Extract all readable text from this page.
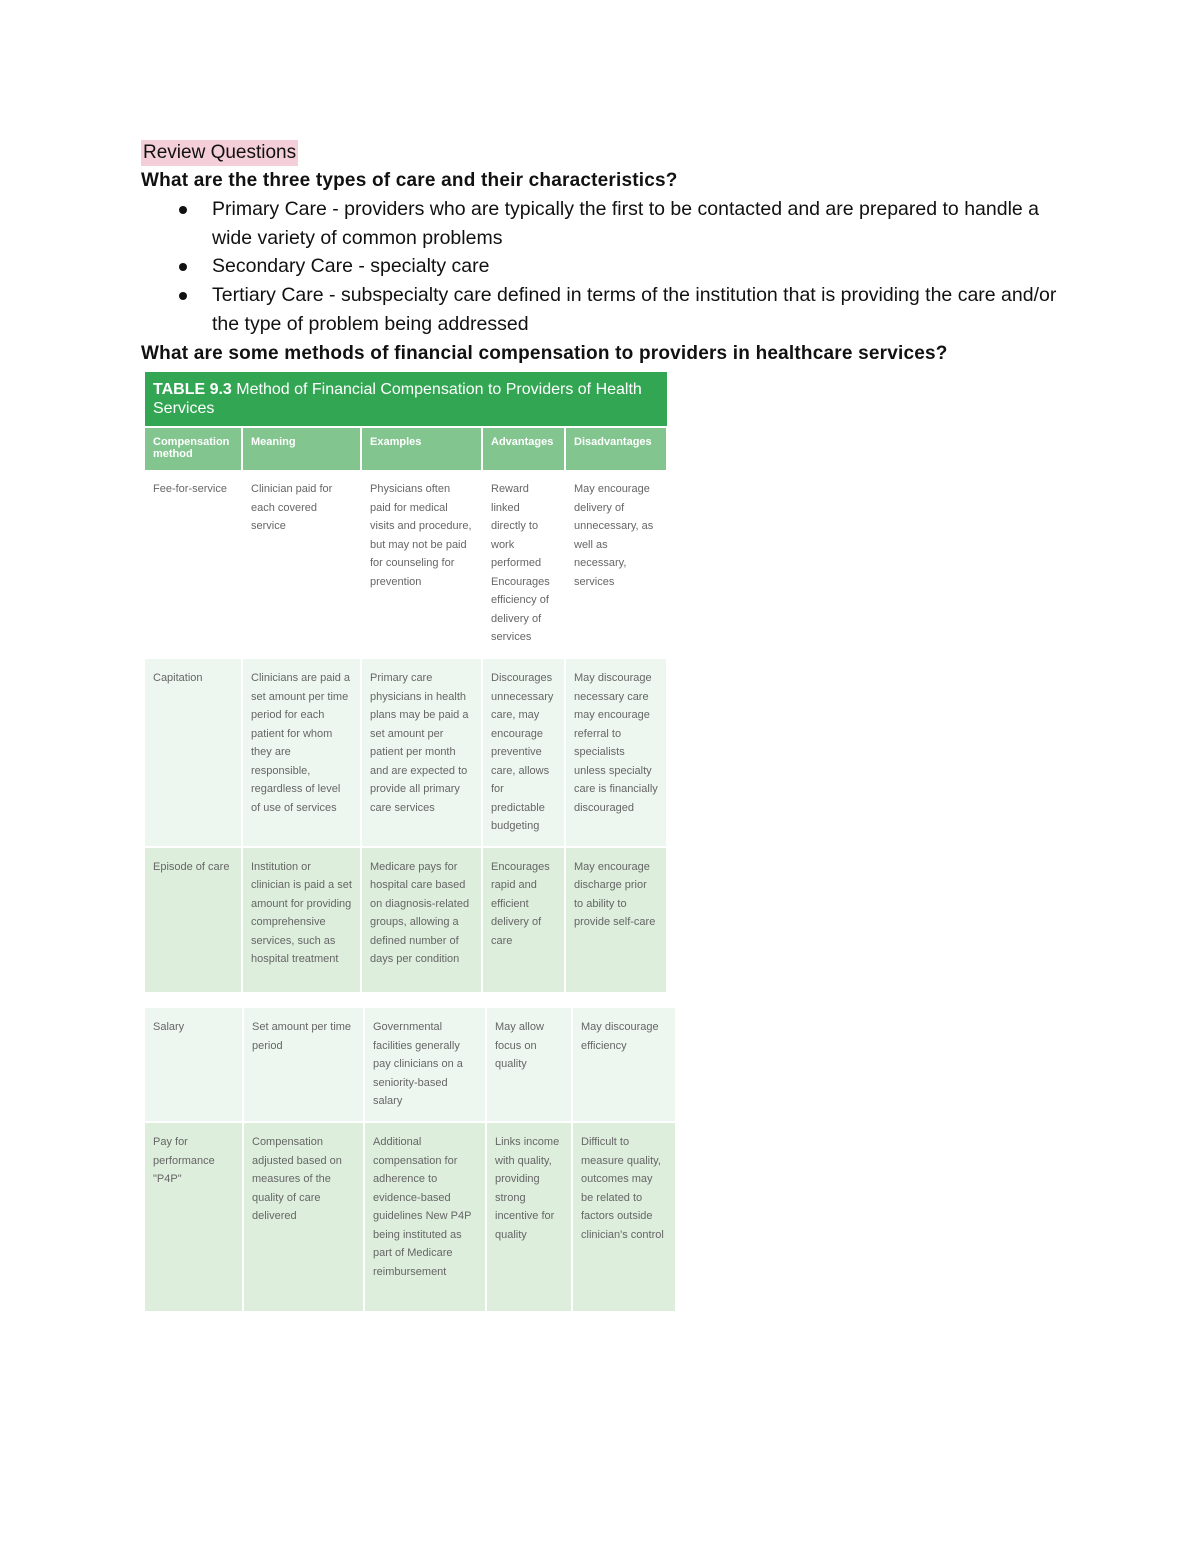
Review Questions
What are the three types of care and their characteristics?
Primary Care - providers who are typically the first to be contacted and are prepared to handle a wide variety of common problems
Secondary Care - specialty care
Tertiary Care - subspecialty care defined in terms of the institution that is providing the care and/or the type of problem being addressed
What are some methods of financial compensation to providers in healthcare services?
TABLE 9.3 Method of Financial Compensation to Providers of Health Services
Compensation method	Meaning	Examples	Advantages	Disadvantages
Fee-for-service	Clinician paid for each covered service	Physicians often paid for medical visits and procedure, but may not be paid for counseling for prevention	Reward linked directly to work performed Encourages efficiency of delivery of services	May encourage delivery of unnecessary, as well as necessary, services
Capitation	Clinicians are paid a set amount per time period for each patient for whom they are responsible, regardless of level of use of services	Primary care physicians in health plans may be paid a set amount per patient per month and are expected to provide all primary care services	Discourages unnecessary care, may encourage preventive care, allows for predictable budgeting	May discourage necessary care may encourage referral to specialists unless specialty care is financially discouraged
Episode of care	Institution or clinician is paid a set amount for providing comprehensive services, such as hospital treatment	Medicare pays for hospital care based on diagnosis-related groups, allowing a defined number of days per condition	Encourages rapid and efficient delivery of care	May encourage discharge prior to ability to provide self-care
Salary	Set amount per time period	Governmental facilities generally pay clinicians on a seniority-based salary	May allow focus on quality	May discourage efficiency
Pay for performance "P4P"	Compensation adjusted based on measures of the quality of care delivered	Additional compensation for adherence to evidence-based guidelines New P4P being instituted as part of Medicare reimbursement	Links income with quality, providing strong incentive for quality	Difficult to measure quality, outcomes may be related to factors outside clinician's control
